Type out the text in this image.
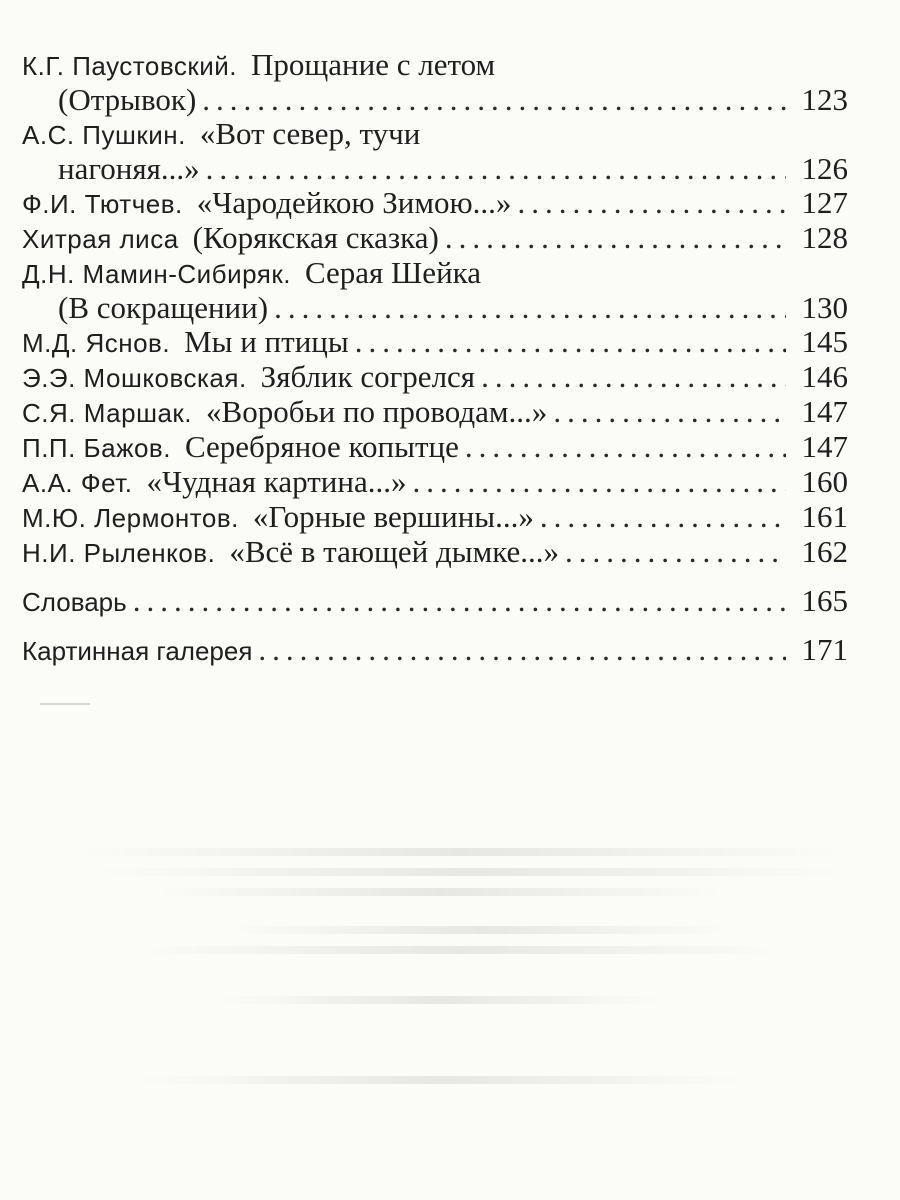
К.Г. Паустовский. Прощание с летом
(Отрывок) .....	123
А.С. Пушкин. «Вот север, тучи
нагоняя...» .....	126
Ф.И. Тютчев. «Чародейкою Зимою...» .....	127
Хитрая лиса (Корякская сказка) .....	128
Д.Н. Мамин-Сибиряк. Серая Шейка
(В сокращении) .....	130
М.Д. Яснов. Мы и птицы .....	145
Э.Э. Мошковская. Зяблик согрелся .....	146
С.Я. Маршак. «Воробьи по проводам...» .....	147
П.П. Бажов. Серебряное копытце .....	147
А.А. Фет. «Чудная картина...» .....	160
М.Ю. Лермонтов. «Горные вершины...» .....	161
Н.И. Рыленков. «Всё в тающей дымке...» .....	162
Словарь .....	165
Картинная галерея .....	171
